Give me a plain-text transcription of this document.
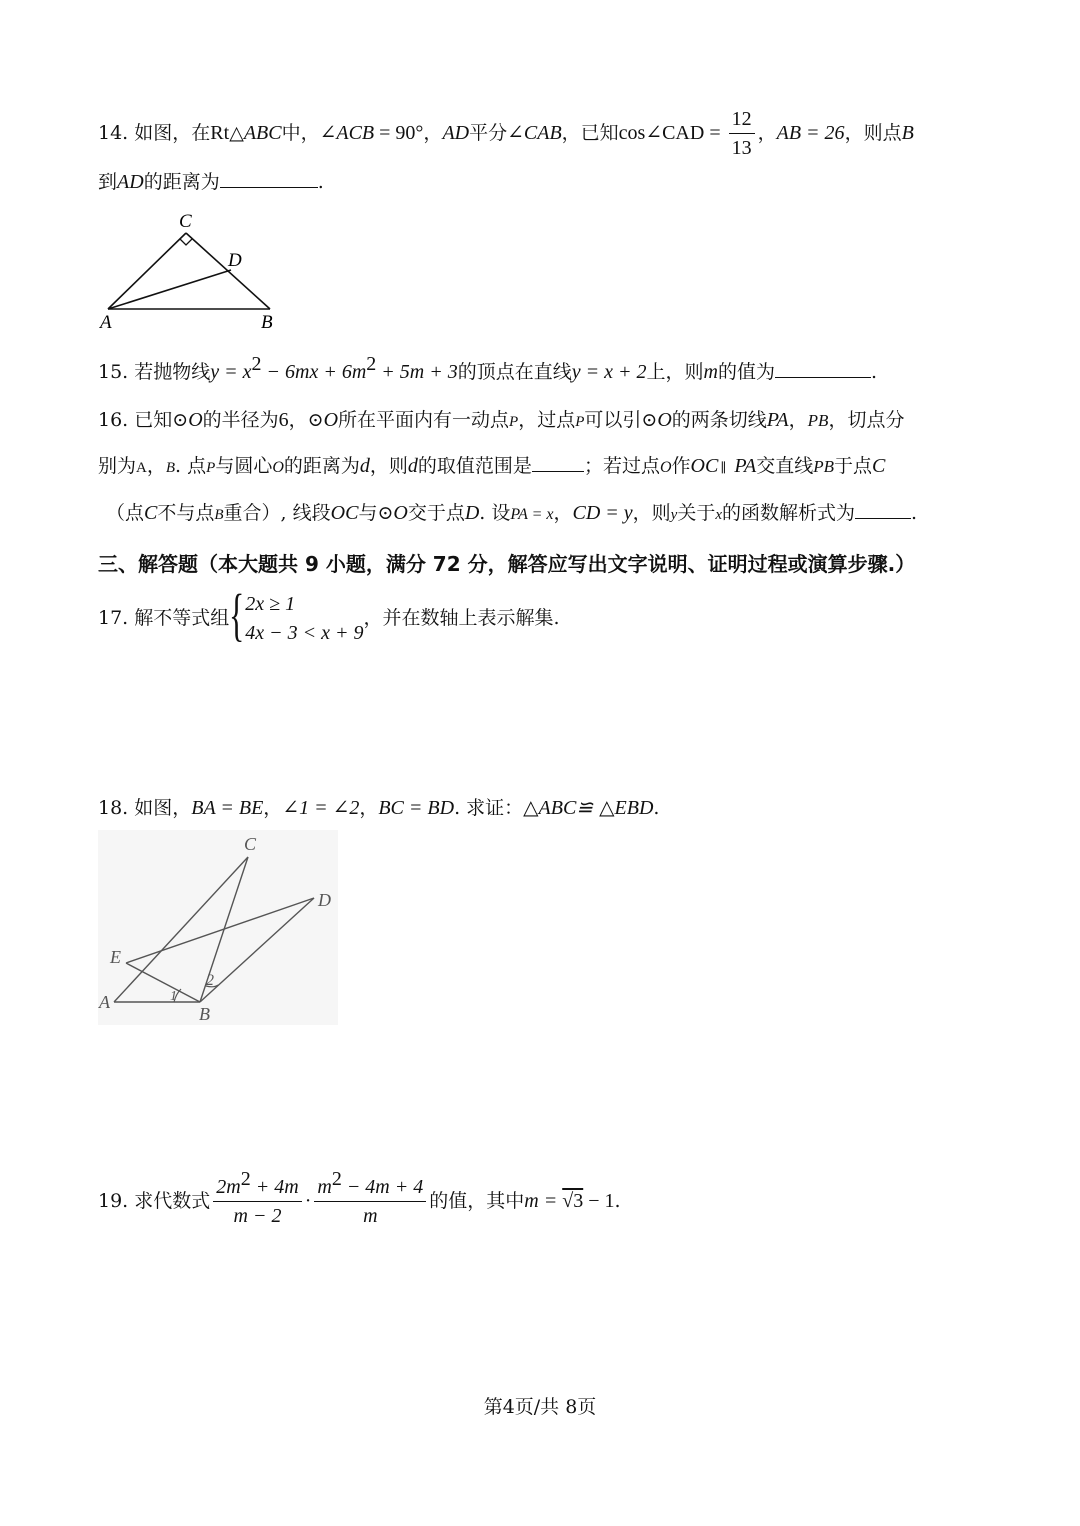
14. 如图，在Rt△ABC中，∠ACB = 90°，AD平分∠CAB，已知cos∠CAD = $\frac{12}{13}$ ，AB = 26，则点B
到AD的距离为	.
C
D
A	B
15. 若抛物线$y = x^2 - 6mx + 6m^2 + 5m + 3$的顶点在直线y = x + 2上，则m的值为	.
16. 已知⊙O的半径为6，⊙O所在平面内有一动点P，过点P可以引⊙O的两条切线PA，PB，切点分
别为A，B. 点P与圆心O的距离为d，则d的取值范围是	；若过点O作OC ∥ PA交直线PB于点C
（点C不与点B重合）, 线段OC与⊙O交于点D. 设PA = x，CD = y，则y关于x的函数解析式为	.
三、解答题（本大题共 9 小题，满分 72 分，解答应写出文字说明、证明过程或演算步骤.）
17. 解不等式组 { 2x ≥ 1
4x − 3 < x + 9
，并在数轴上表示解集.
18. 如图，BA = BE，∠1 = ∠2，BC = BD. 求证：△ABC≌ △EBD.
C
D
E
A
B
1
2
19. 求代数式 $\frac{2m^2 + 4m}{m - 2} \cdot \frac{m^2 - 4m + 4}{m}$ 的值，其中m = √3 − 1.
第4页/共 8页
